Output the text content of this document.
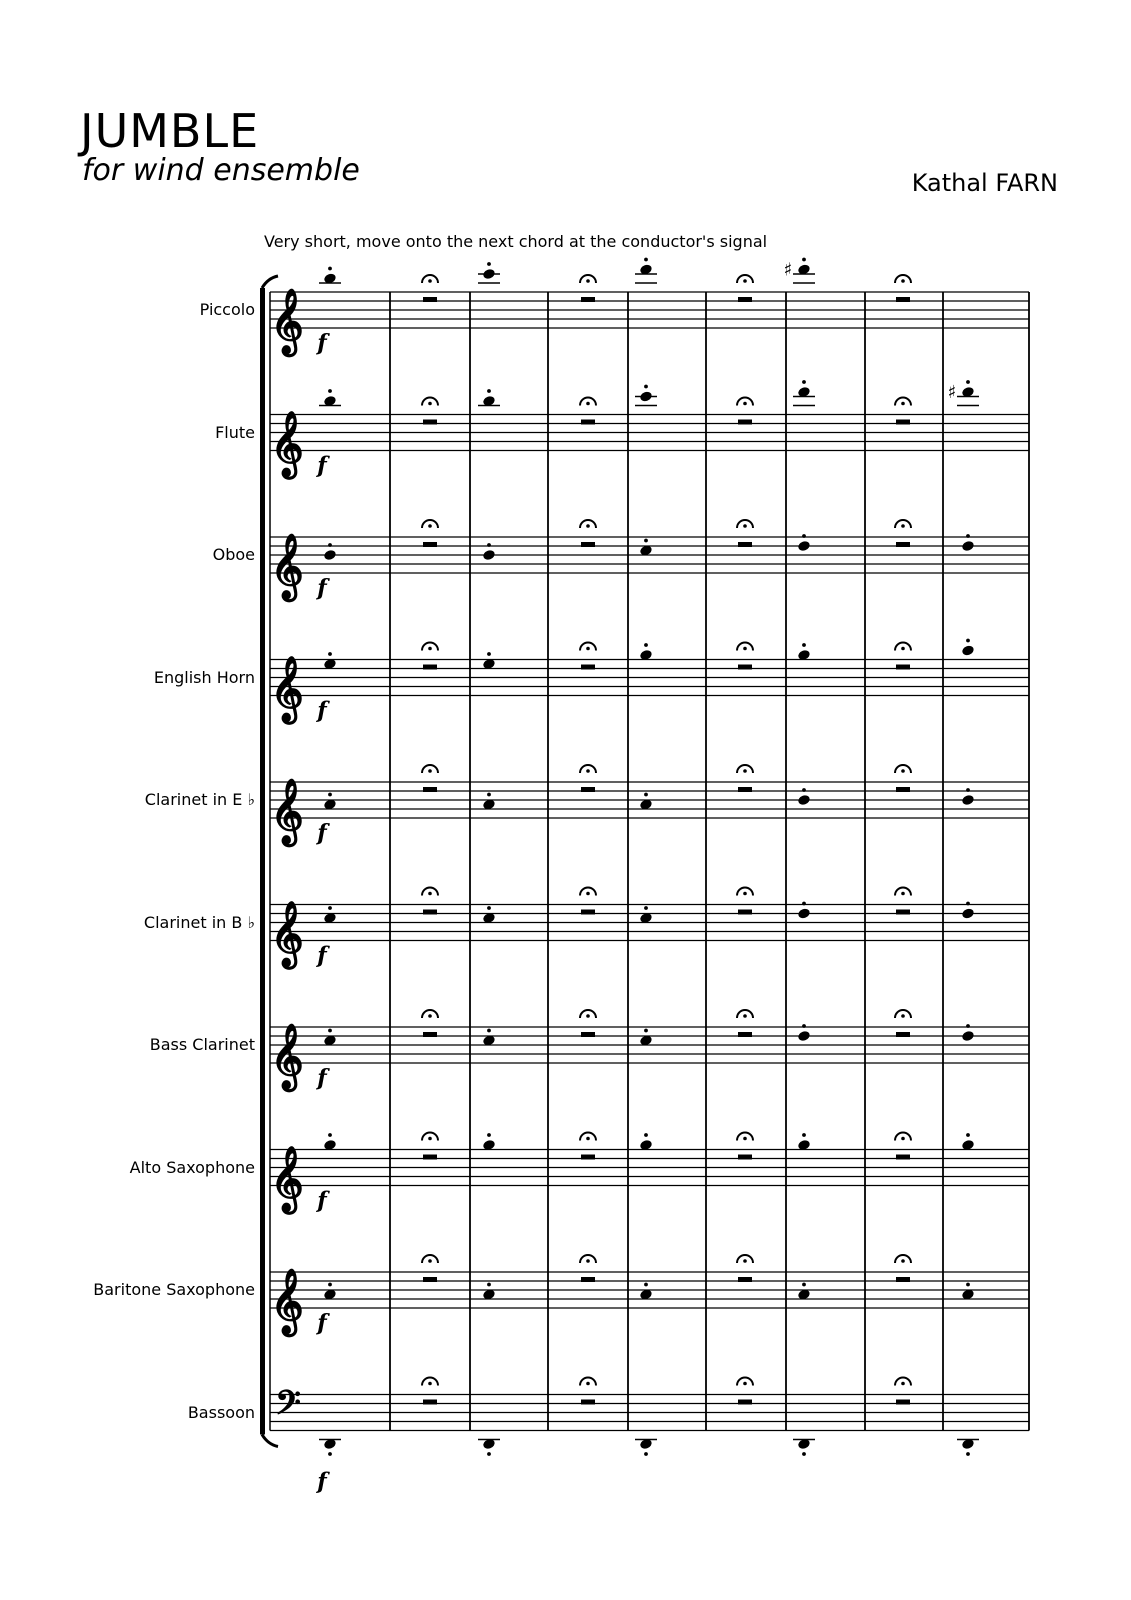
JUMBLE
for wind ensemble	Kathal FARN
Very short, move onto the next chord at the conductor's signal
Piccolo
Flute
Oboe
English Horn
Clarinet in E ♭
Clarinet in B ♭
Bass Clarinet
Alto Saxophone
Baritone Saxophone
Bassoon
𝄞 f
♯
𝄞 f
♯
𝄞 f
𝄞 f
𝄞 f
𝄞 f
𝄞 f
𝄞 f
𝄞 f
𝄢
f
